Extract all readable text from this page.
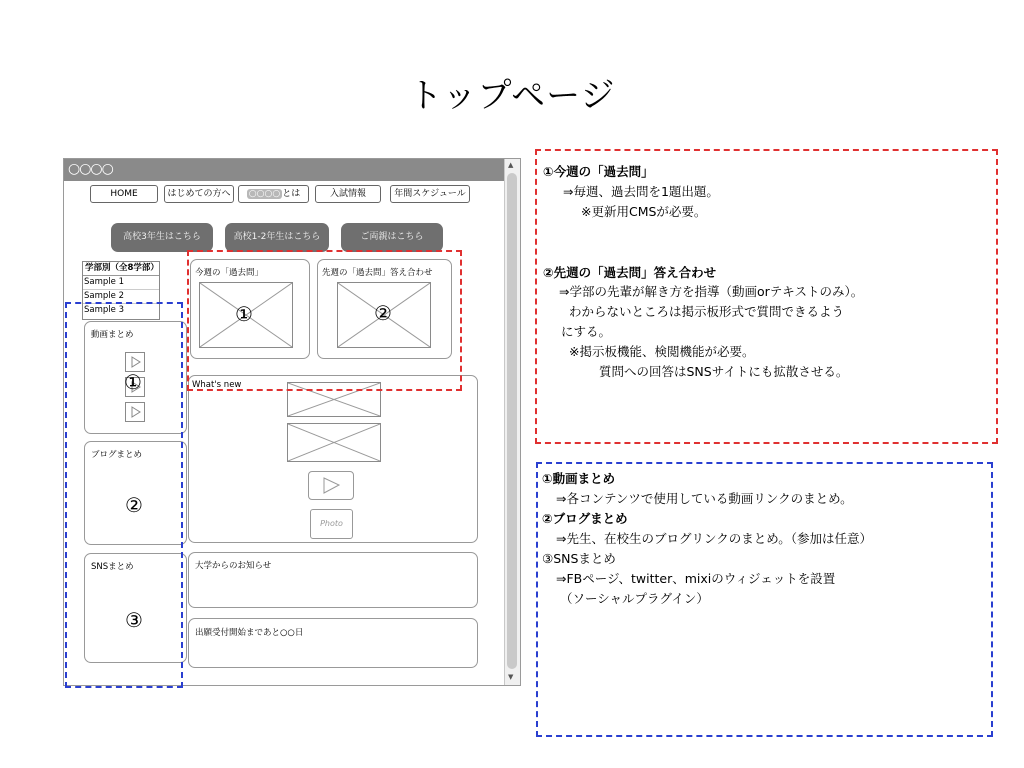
トップページ
○○○○	▲
▼
HOME	はじめての方へ	○○○○ とは	入試情報	年間スケジュール
高校3年生はこちら	高校1-2年生はこちら	ご両親はこちら
学部別（全8学部）
Sample 1
Sample 2
Sample 3
動画まとめ
①
ブログまとめ
②
SNSまとめ
③
今週の「過去問」
①
先週の「過去問」答え合わせ
②
What's new
Photo
大学からのお知らせ
出願受付開始まであと○○日
①今週の「過去問」
⇒毎週、過去問を1題出題。
※更新用CMSが必要。
②先週の「過去問」答え合わせ
⇒学部の先輩が解き方を指導（動画orテキストのみ）。
わからないところは掲示板形式で質問できるよう
にする。
※掲示板機能、検閲機能が必要。
質問への回答はSNSサイトにも拡散させる。
①動画まとめ
⇒各コンテンツで使用している動画リンクのまとめ。
②ブログまとめ
⇒先生、在校生のブログリンクのまとめ。（参加は任意）
③SNSまとめ
⇒FBページ、twitter、mixiのウィジェットを設置
（ソーシャルプラグイン）
